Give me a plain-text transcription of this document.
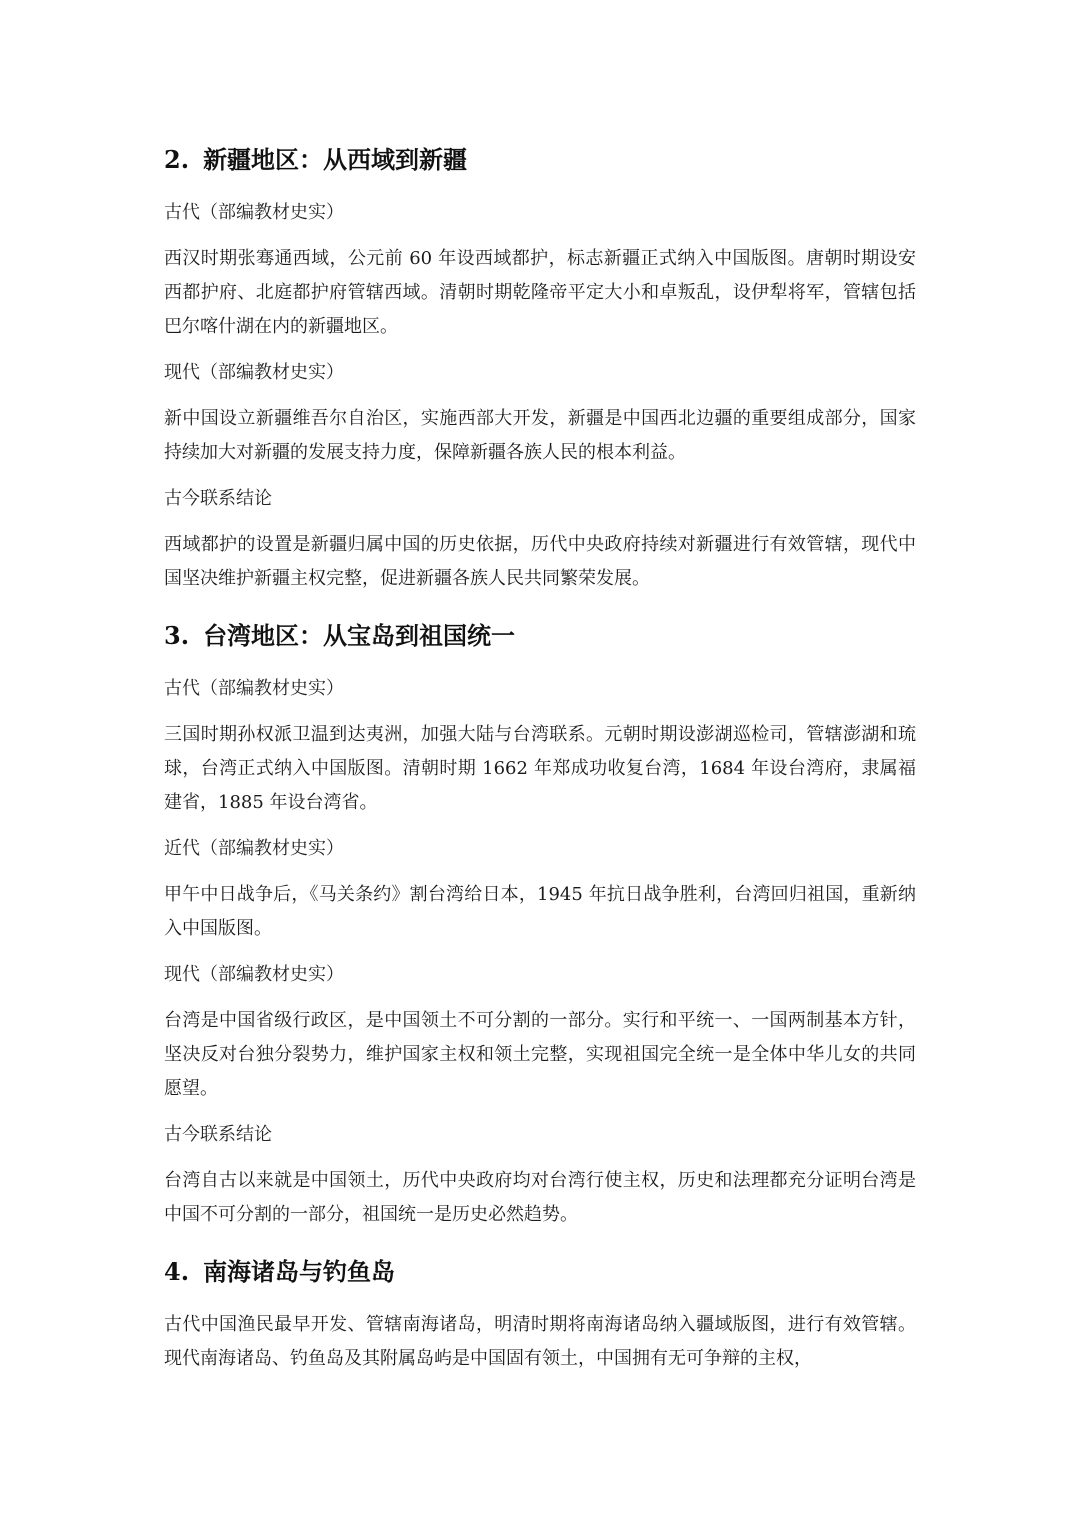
2. 新疆地区：从西域到新疆
古代（部编教材史实）

西汉时期张骞通西域，公元前 60 年设西域都护，标志新疆正式纳入中国版图。唐朝时期设安西都护府、北庭都护府管辖西域。清朝时期乾隆帝平定大小和卓叛乱，设伊犁将军，管辖包括巴尔喀什湖在内的新疆地区。

现代（部编教材史实）

新中国设立新疆维吾尔自治区，实施西部大开发，新疆是中国西北边疆的重要组成部分，国家持续加大对新疆的发展支持力度，保障新疆各族人民的根本利益。

古今联系结论

西域都护的设置是新疆归属中国的历史依据，历代中央政府持续对新疆进行有效管辖，现代中国坚决维护新疆主权完整，促进新疆各族人民共同繁荣发展。

3. 台湾地区：从宝岛到祖国统一
古代（部编教材史实）

三国时期孙权派卫温到达夷洲，加强大陆与台湾联系。元朝时期设澎湖巡检司，管辖澎湖和琉球，台湾正式纳入中国版图。清朝时期 1662 年郑成功收复台湾，1684 年设台湾府，隶属福建省，1885 年设台湾省。

近代（部编教材史实）

甲午中日战争后，《马关条约》割台湾给日本，1945 年抗日战争胜利，台湾回归祖国，重新纳入中国版图。

现代（部编教材史实）

台湾是中国省级行政区，是中国领土不可分割的一部分。实行和平统一、一国两制基本方针，坚决反对台独分裂势力，维护国家主权和领土完整，实现祖国完全统一是全体中华儿女的共同愿望。

古今联系结论

台湾自古以来就是中国领土，历代中央政府均对台湾行使主权，历史和法理都充分证明台湾是中国不可分割的一部分，祖国统一是历史必然趋势。

4. 南海诸岛与钓鱼岛

古代中国渔民最早开发、管辖南海诸岛，明清时期将南海诸岛纳入疆域版图，进行有效管辖。现代南海诸岛、钓鱼岛及其附属岛屿是中国固有领土，中国拥有无可争辩的主权，
